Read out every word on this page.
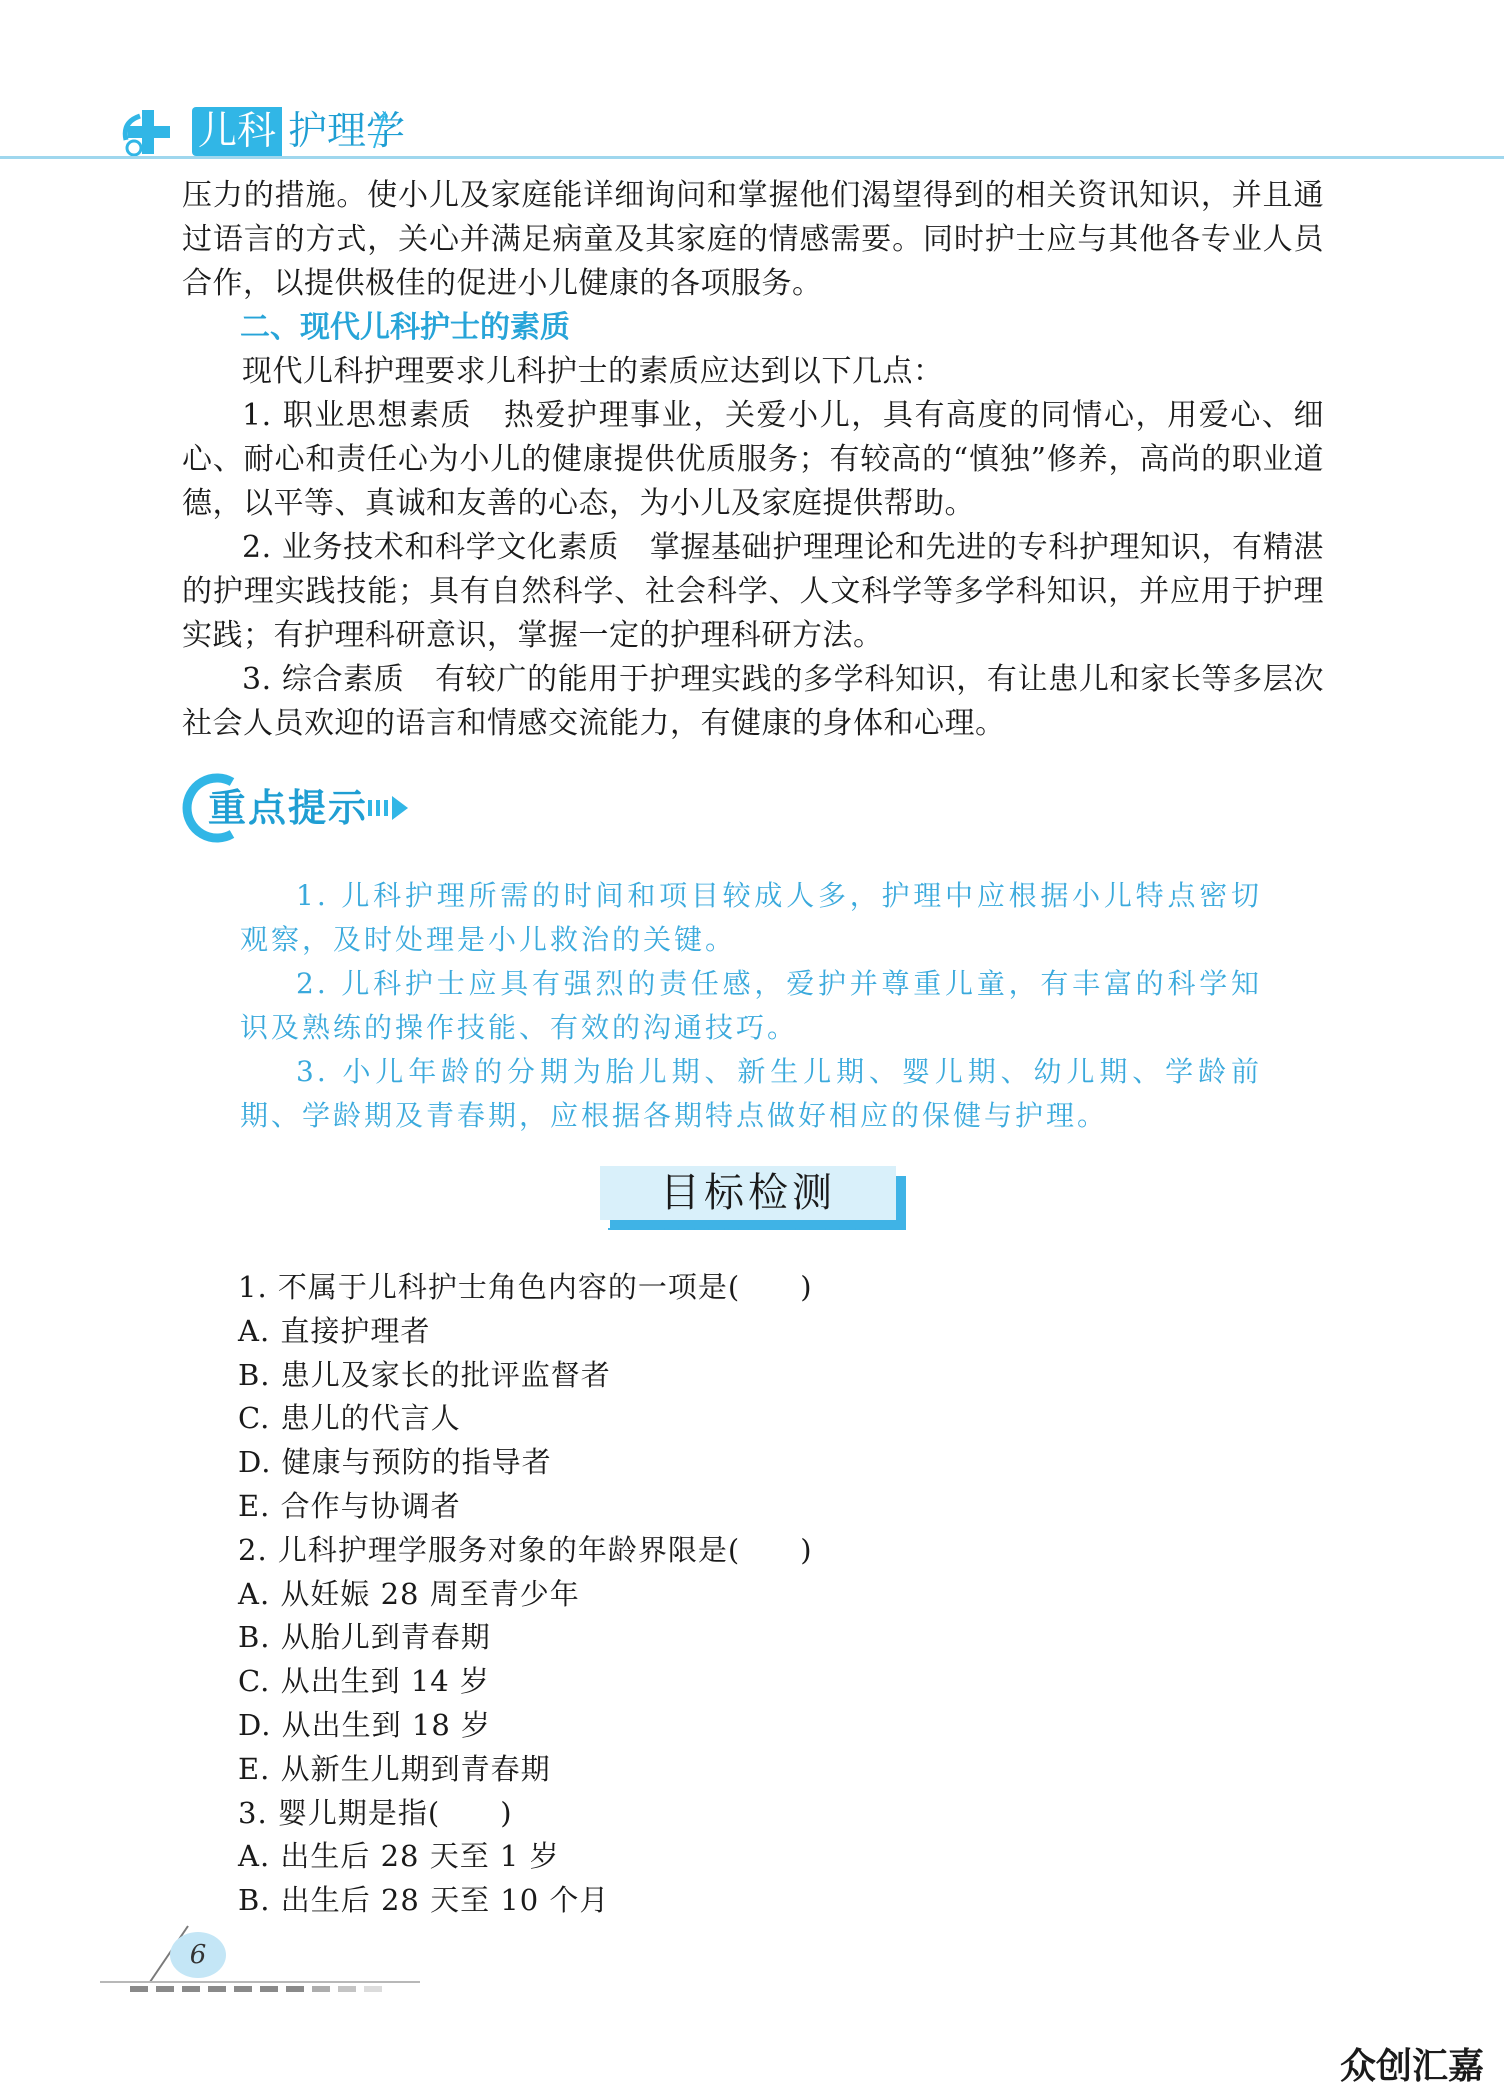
儿科 护理学

压力的措施。使小儿及家庭能详细询问和掌握他们渴望得到的相关资讯知识，并且通过语言的方式，关心并满足病童及其家庭的情感需要。同时护士应与其他各专业人员合作，以提供极佳的促进小儿健康的各项服务。

二、现代儿科护士的素质

现代儿科护理要求儿科护士的素质应达到以下几点：

1. 职业思想素质　热爱护理事业，关爱小儿，具有高度的同情心，用爱心、细心、耐心和责任心为小儿的健康提供优质服务；有较高的“慎独”修养，高尚的职业道德，以平等、真诚和友善的心态，为小儿及家庭提供帮助。

2. 业务技术和科学文化素质　掌握基础护理理论和先进的专科护理知识，有精湛的护理实践技能；具有自然科学、社会科学、人文科学等多学科知识，并应用于护理实践；有护理科研意识，掌握一定的护理科研方法。

3. 综合素质　有较广的能用于护理实践的多学科知识，有让患儿和家长等多层次社会人员欢迎的语言和情感交流能力，有健康的身体和心理。

重点提示

1. 儿科护理所需的时间和项目较成人多，护理中应根据小儿特点密切观察，及时处理是小儿救治的关键。

2. 儿科护士应具有强烈的责任感，爱护并尊重儿童，有丰富的科学知识及熟练的操作技能、有效的沟通技巧。

3. 小儿年龄的分期为胎儿期、新生儿期、婴儿期、幼儿期、学龄前期、学龄期及青春期，应根据各期特点做好相应的保健与护理。

目标检测

1. 不属于儿科护士角色内容的一项是(　　)

A. 直接护理者

B. 患儿及家长的批评监督者

C. 患儿的代言人

D. 健康与预防的指导者

E. 合作与协调者

2. 儿科护理学服务对象的年龄界限是(　　)

A. 从妊娠 28 周至青少年

B. 从胎儿到青春期

C. 从出生到 14 岁

D. 从出生到 18 岁

E. 从新生儿期到青春期

3. 婴儿期是指(　　)

A. 出生后 28 天至 1 岁

B. 出生后 28 天至 10 个月

6
众创汇嘉
